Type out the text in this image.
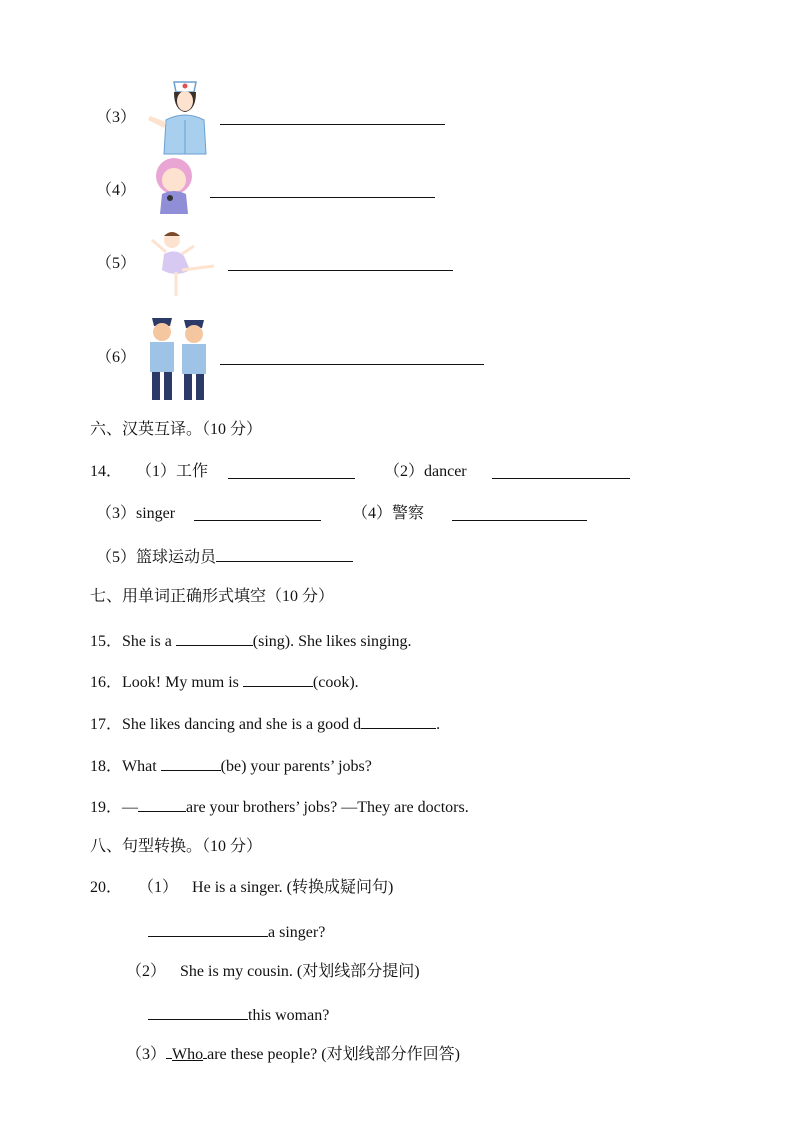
（3）
（4）
（5）
（6）
六、汉英互译。（10 分）
14． （1）工作	（2）dancer
（3）singer	（4）警察
（5）篮球运动员
七、用单词正确形式填空（10 分）
15．She is a	(sing). She likes singing.
16．Look! My mum is	(cook).
17．She likes dancing and she is a good d	.
18．What	(be) your parents’ jobs?
19．—	are your brothers’ jobs? —They are doctors.
八、句型转换。（10 分）
20． （1） He is a singer. (转换成疑问句)
a singer?
（2） She is my cousin. (对划线部分提问)
this woman?
（3） Who are these people? (对划线部分作回答)
